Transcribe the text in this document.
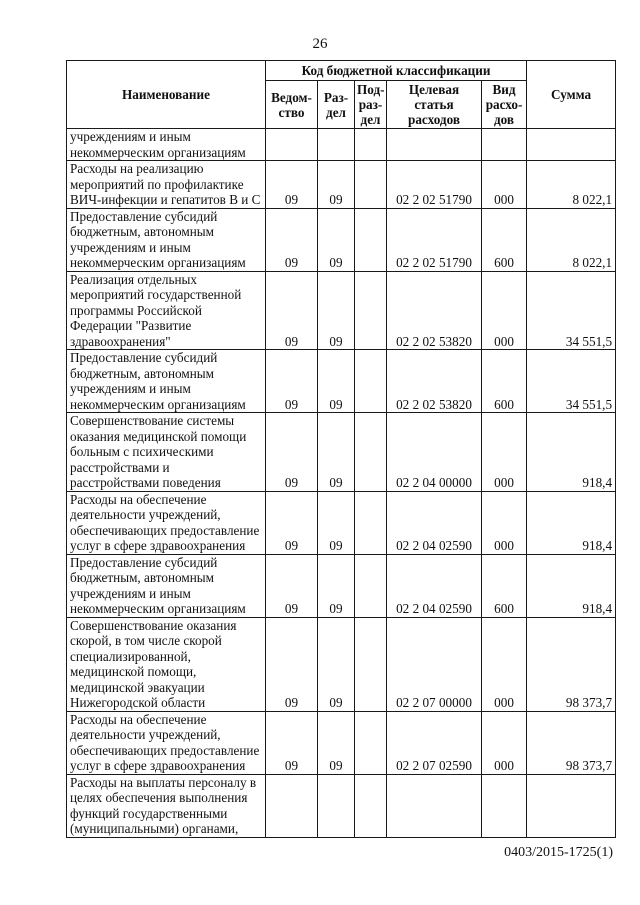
26
Наименование	Код бюджетной классификации					Сумма
	Ведом-ство	Раз-дел	Под-раз-дел	Целевая статья расходов	Вид расхо-дов	
учреждениям и иным некоммерческим организациям						
Расходы на реализацию мероприятий по профилактике ВИЧ-инфекции и гепатитов В и С	09	09		02 2 02 51790	000	8 022,1
Предоставление субсидий бюджетным, автономным учреждениям и иным некоммерческим организациям	09	09		02 2 02 51790	600	8 022,1
Реализация отдельных мероприятий государственной программы Российской Федерации "Развитие здравоохранения"	09	09		02 2 02 53820	000	34 551,5
Предоставление субсидий бюджетным, автономным учреждениям и иным некоммерческим организациям	09	09		02 2 02 53820	600	34 551,5
Совершенствование системы оказания медицинской помощи больным с психическими расстройствами и расстройствами поведения	09	09		02 2 04 00000	000	918,4
Расходы на обеспечение деятельности учреждений, обеспечивающих предоставление услуг в сфере здравоохранения	09	09		02 2 04 02590	000	918,4
Предоставление субсидий бюджетным, автономным учреждениям и иным некоммерческим организациям	09	09		02 2 04 02590	600	918,4
Совершенствование оказания скорой, в том числе скорой специализированной, медицинской помощи, медицинской эвакуации Нижегородской области	09	09		02 2 07 00000	000	98 373,7
Расходы на обеспечение деятельности учреждений, обеспечивающих предоставление услуг в сфере здравоохранения	09	09		02 2 07 02590	000	98 373,7
Расходы на выплаты персоналу в целях обеспечения выполнения функций государственными (муниципальными) органами,						
0403/2015-1725(1)
